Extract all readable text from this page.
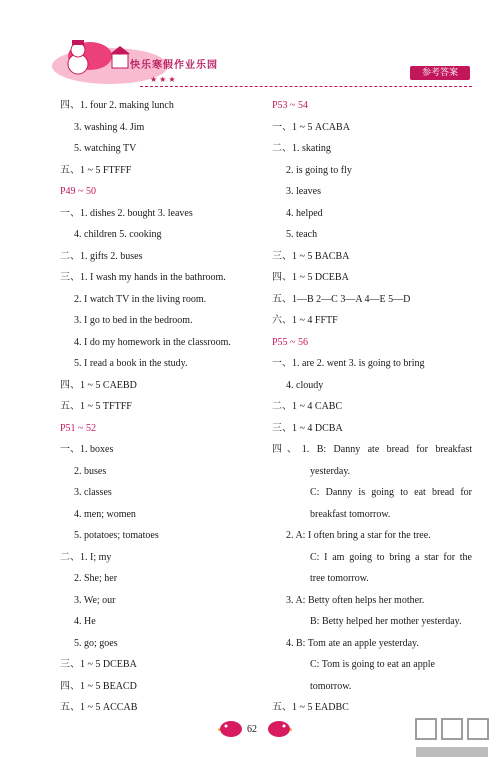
★ ★ ★
快乐寒假作业乐园
参考答案
四、1. four 2. making lunch
3. washing 4. Jim
5. watching TV
五、1 ~ 5 FTFFF
P49 ~ 50
一、1. dishes 2. bought 3. leaves
4. children 5. cooking
二、1. gifts 2. buses
三、1. I wash my hands in the bathroom.
2. I watch TV in the living room.
3. I go to bed in the bedroom.
4. I do my homework in the classroom.
5. I read a book in the study.
四、1 ~ 5 CAEBD
五、1 ~ 5 TFTFF
P51 ~ 52
一、1. boxes
2. buses
3. classes
4. men; women
5. potatoes; tomatoes
二、1. I; my
2. She; her
3. We; our
4. He
5. go; goes
三、1 ~ 5 DCEBA
四、1 ~ 5 BEACD
五、1 ~ 5 ACCAB
P53 ~ 54
一、1 ~ 5 ACABA
二、1. skating
2. is going to fly
3. leaves
4. helped
5. teach
三、1 ~ 5 BACBA
四、1 ~ 5 DCEBA
五、1—B 2—C 3—A 4—E 5—D
六、1 ~ 4 FFTF
P55 ~ 56
一、1. are 2. went 3. is going to bring
4. cloudy
二、1 ~ 4 CABC
三、1 ~ 4 DCBA
四、1. B: Danny ate bread for breakfast
yesterday.
C: Danny is going to eat bread for
breakfast tomorrow.
2. A: I often bring a star for the tree.
C: I am going to bring a star for the
tree tomorrow.
3. A: Betty often helps her mother.
B: Betty helped her mother yesterday.
4. B: Tom ate an apple yesterday.
C: Tom is going to eat an apple
tomorrow.
五、1 ~ 5 EADBC
62
